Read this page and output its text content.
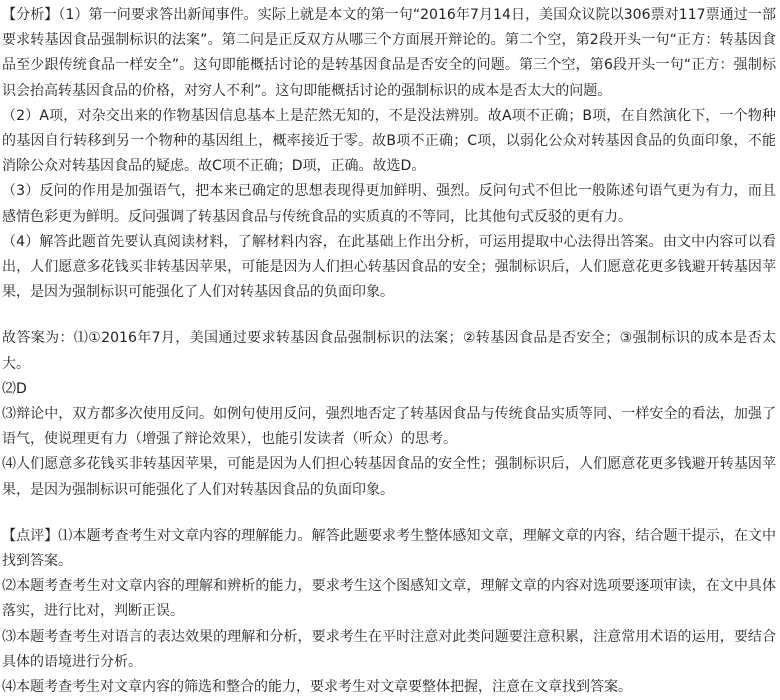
【分析】（1）第一问要求答出新闻事件。实际上就是本文的第一句“2016年7月14日，美国众议院以306票对117票通过一部要求转基因食品强制标识的法案”。第二问是正反双方从哪三个方面展开辩论的。第二个空，第2段开头一句“正方：转基因食品至少跟传统食品一样安全”。这句即能概括讨论的是转基因食品是否安全的问题。第三个空，第6段开头一句“正方：强制标识会抬高转基因食品的价格，对穷人不利”。这句即能概括讨论的强制标识的成本是否太大的问题。

（2）A项，对杂交出来的作物基因信息基本上是茫然无知的，不是没法辨别。故A项不正确；B项，在自然演化下，一个物种的基因自行转移到另一个物种的基因组上，概率接近于零。故B项不正确；C项，以弱化公众对转基因食品的负面印象，不能消除公众对转基因食品的疑虑。故C项不正确；D项，正确。故选D。

（3）反问的作用是加强语气，把本来已确定的思想表现得更加鲜明、强烈。反问句式不但比一般陈述句语气更为有力，而且感情色彩更为鲜明。反问强调了转基因食品与传统食品的实质真的不等同，比其他句式反驳的更有力。

（4）解答此题首先要认真阅读材料，了解材料内容，在此基础上作出分析，可运用提取中心法得出答案。由文中内容可以看出，人们愿意多花钱买非转基因苹果，可能是因为人们担心转基因食品的安全；强制标识后，人们愿意花更多钱避开转基因苹果，是因为强制标识可能强化了人们对转基因食品的负面印象。

故答案为：⑴①2016年7月，美国通过要求转基因食品强制标识的法案；②转基因食品是否安全；③强制标识的成本是否太大。

⑵D

⑶辩论中，双方都多次使用反问。如例句使用反问，强烈地否定了转基因食品与传统食品实质等同、一样安全的看法，加强了语气，使说理更有力（增强了辩论效果），也能引发读者（听众）的思考。

⑷人们愿意多花钱买非转基因苹果，可能是因为人们担心转基因食品的安全性；强制标识后，人们愿意花更多钱避开转基因苹果，是因为强制标识可能强化了人们对转基因食品的负面印象。

【点评】⑴本题考查考生对文章内容的理解能力。解答此题要求考生整体感知文章，理解文章的内容，结合题干提示，在文中找到答案。

⑵本题考查考生对文章内容的理解和辨析的能力，要求考生这个图感知文章，理解文章的内容对选项要逐项审读，在文中具体落实，进行比对，判断正误。

⑶本题考查考生对语言的表达效果的理解和分析，要求考生在平时注意对此类问题要注意积累，注意常用术语的运用，要结合具体的语境进行分析。

⑷本题考查考生对文章内容的筛选和整合的能力，要求考生对文章要整体把握，注意在文章找到答案。
